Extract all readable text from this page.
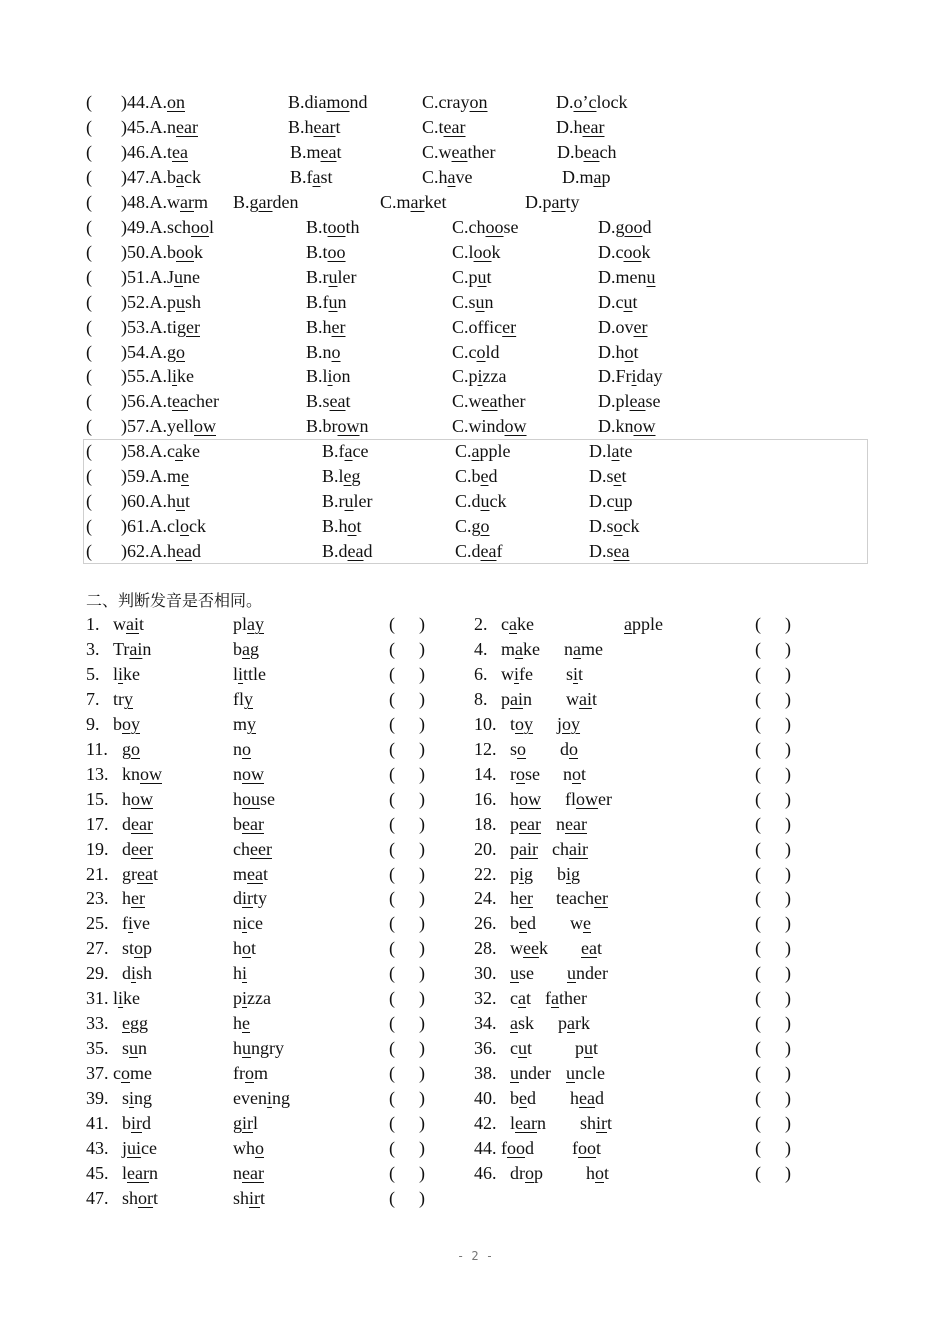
( )44.A.on	B.diamond	C.crayon	D.o’clock
( )45.A.near	B.heart	C.tear	D.hear
( )46.A.tea	B.meat	C.weather	D.beach
( )47.A.back	B.fast	C.have	D.map
( )48.A.warm B.garden	C.market	D.party
( )49.A.school	B.tooth	C.choose	D.good
( )50.A.book	B.too	C.look	D.cook
( )51.A.June	B.ruler	C.put	D.menu
( )52.A.push	B.fun	C.sun	D.cut
( )53.A.tiger	B.her	C.officer	D.over
( )54.A.go	B.no	C.cold	D.hot
( )55.A.like	B.lion	C.pizza	D.Friday
( )56.A.teacher	B.seat	C.weather	D.please
( )57.A.yellow	B.brown	C.window	D.know
( )58.A.cake	B.face	C.apple	D.late
( )59.A.me	B.leg	C.bed	D.set
( )60.A.hut	B.ruler	C.duck	D.cup
( )61.A.clock	B.hot	C.go	D.sock
( )62.A.head	B.dead	C.deaf	D.sea
二、判断发音是否相同。
1. wait	play	( )	2. cake	apple	( )
3. Train	bag	( )	4. make name	( )
5. like	little	( )	6. wife sit	( )
7. try	fly	( )	8. pain wait	( )
9. boy	my	( )	10. toy joy	( )
11. go	no	( )	12. so do	( )
13. know	now	( )	14. rose not	( )
15. how	house	( )	16. how flower	( )
17. dear	bear	( )	18. pear near	( )
19. deer	cheer	( )	20. pair chair	( )
21. great	meat	( )	22. pig big	( )
23. her	dirty	( )	24. her teacher	( )
25. five	nice	( )	26. bed we	( )
27. stop	hot	( )	28. week eat	( )
29. dish	hi	( )	30. use under	( )
31. like	pizza	( )	32. cat father	( )
33. egg	he	( )	34. ask park	( )
35. sun	hungry	( )	36. cut put	( )
37. come	from	( )	38. under uncle	( )
39. sing	evening	( )	40. bed head	( )
41. bird	girl	( )	42. learn shirt	( )
43. juice	who	( )	44. food foot	( )
45. learn	near	( )	46. drop hot	( )
47. short	shirt	( )
- 2 -
